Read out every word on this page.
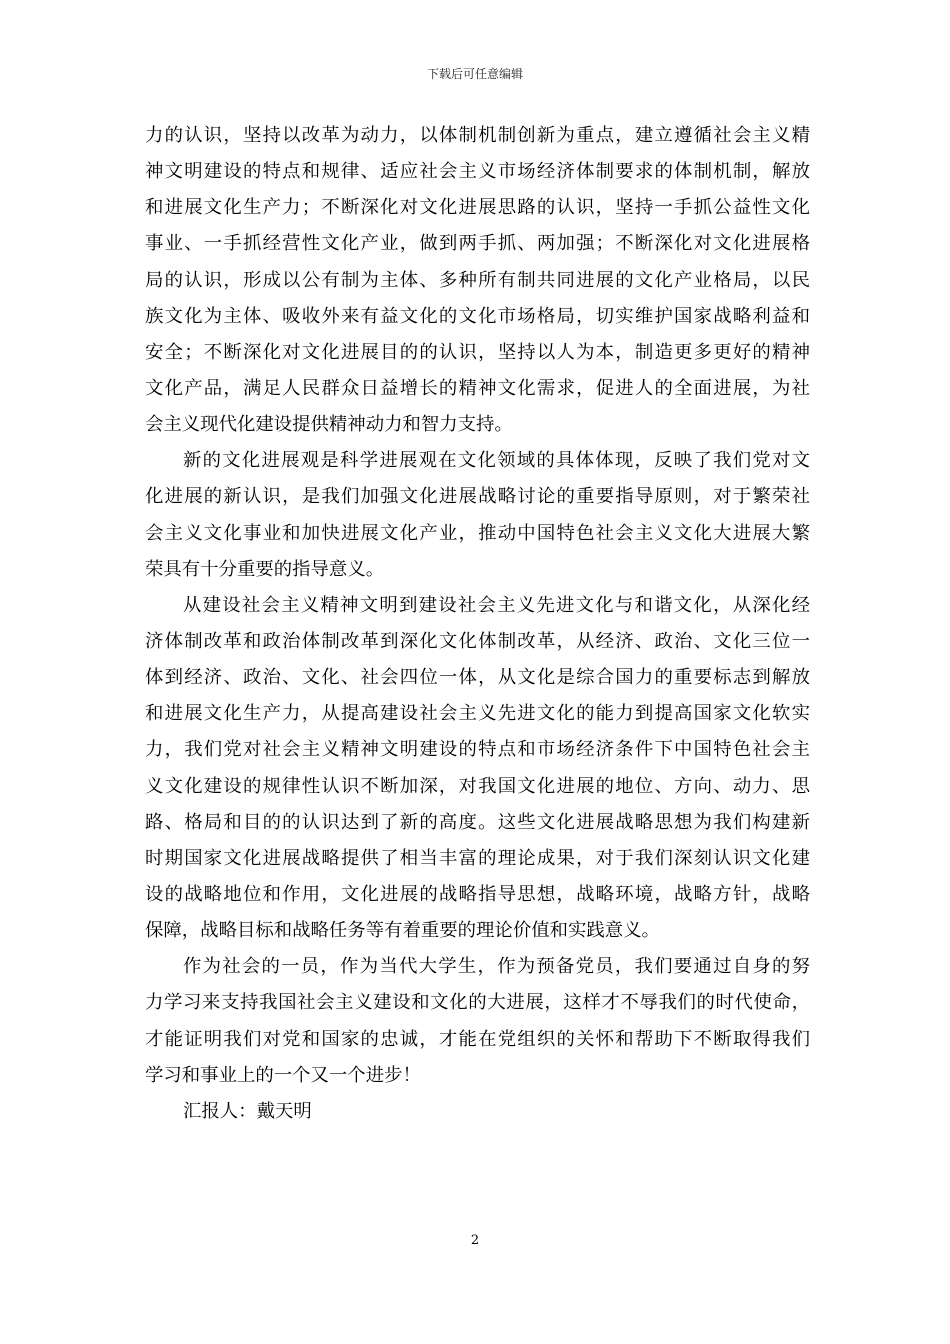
下载后可任意编辑
力的认识，坚持以改革为动力，以体制机制创新为重点，建立遵循社会主义精
神文明建设的特点和规律、适应社会主义市场经济体制要求的体制机制，解放
和进展文化生产力；不断深化对文化进展思路的认识，坚持一手抓公益性文化
事业、一手抓经营性文化产业，做到两手抓、两加强；不断深化对文化进展格
局的认识，形成以公有制为主体、多种所有制共同进展的文化产业格局，以民
族文化为主体、吸收外来有益文化的文化市场格局，切实维护国家战略利益和
安全；不断深化对文化进展目的的认识，坚持以人为本，制造更多更好的精神
文化产品，满足人民群众日益增长的精神文化需求，促进人的全面进展，为社
会主义现代化建设提供精神动力和智力支持。
新的文化进展观是科学进展观在文化领域的具体体现，反映了我们党对文
化进展的新认识，是我们加强文化进展战略讨论的重要指导原则，对于繁荣社
会主义文化事业和加快进展文化产业，推动中国特色社会主义文化大进展大繁
荣具有十分重要的指导意义。
从建设社会主义精神文明到建设社会主义先进文化与和谐文化，从深化经
济体制改革和政治体制改革到深化文化体制改革，从经济、政治、文化三位一
体到经济、政治、文化、社会四位一体，从文化是综合国力的重要标志到解放
和进展文化生产力，从提高建设社会主义先进文化的能力到提高国家文化软实
力，我们党对社会主义精神文明建设的特点和市场经济条件下中国特色社会主
义文化建设的规律性认识不断加深，对我国文化进展的地位、方向、动力、思
路、格局和目的的认识达到了新的高度。这些文化进展战略思想为我们构建新
时期国家文化进展战略提供了相当丰富的理论成果，对于我们深刻认识文化建
设的战略地位和作用，文化进展的战略指导思想，战略环境，战略方针，战略
保障，战略目标和战略任务等有着重要的理论价值和实践意义。
作为社会的一员，作为当代大学生，作为预备党员，我们要通过自身的努
力学习来支持我国社会主义建设和文化的大进展，这样才不辱我们的时代使命，
才能证明我们对党和国家的忠诚，才能在党组织的关怀和帮助下不断取得我们
学习和事业上的一个又一个进步！
汇报人：戴天明
2
